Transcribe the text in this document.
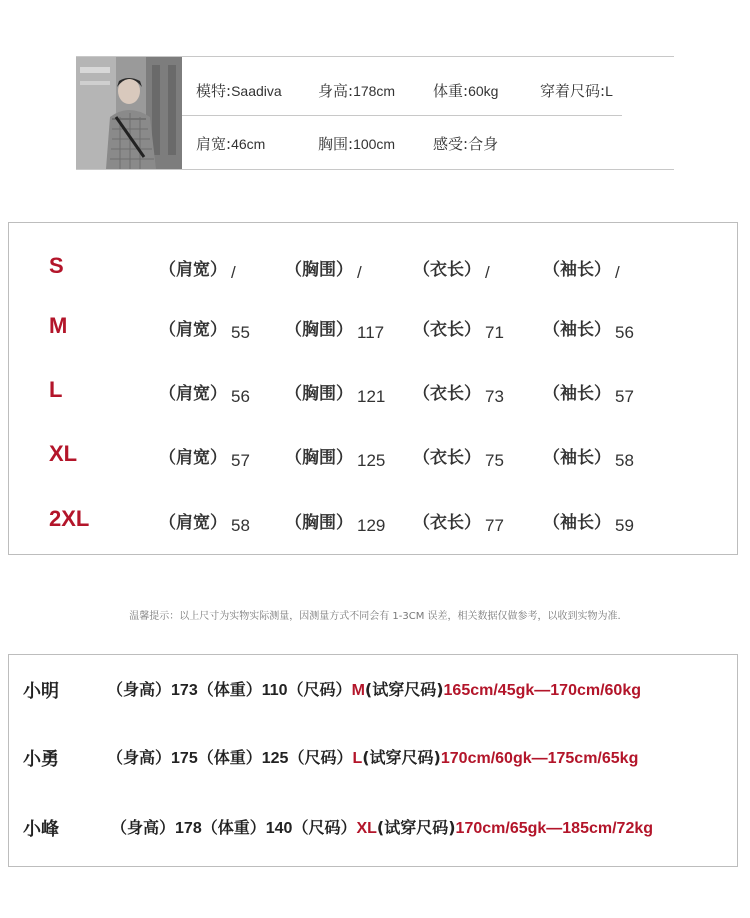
模特:Saadiva 身高:178cm	体重:60kg	穿着尺码:L
肩宽:46cm	胸围:100cm	感受:合身
S	（肩宽） /	（胸围） /	（衣长） /	（袖长） /
M	（肩宽） 55 （胸围） 117 （衣长） 71 （袖长） 56
L	（肩宽） 56 （胸围） 121 （衣长） 73 （袖长） 57
XL	（肩宽） 57 （胸围） 125 （衣长） 75 （袖长） 58
2XL	（肩宽） 58 （胸围） 129 （衣长） 77 （袖长） 59
温馨提示：以上尺寸为实物实际测量，因测量方式不同会有 1-3CM 误差，相关数据仅做参考，以收到实物为准.
小明	（身高）173（体重）110（尺码）M(试穿尺码)165cm/45gk—170cm/60kg
小勇	（身高）175（体重）125（尺码）L(试穿尺码)170cm/60gk—175cm/65kg
小峰	（身高）178（体重）140（尺码）XL(试穿尺码)170cm/65gk—185cm/72kg
